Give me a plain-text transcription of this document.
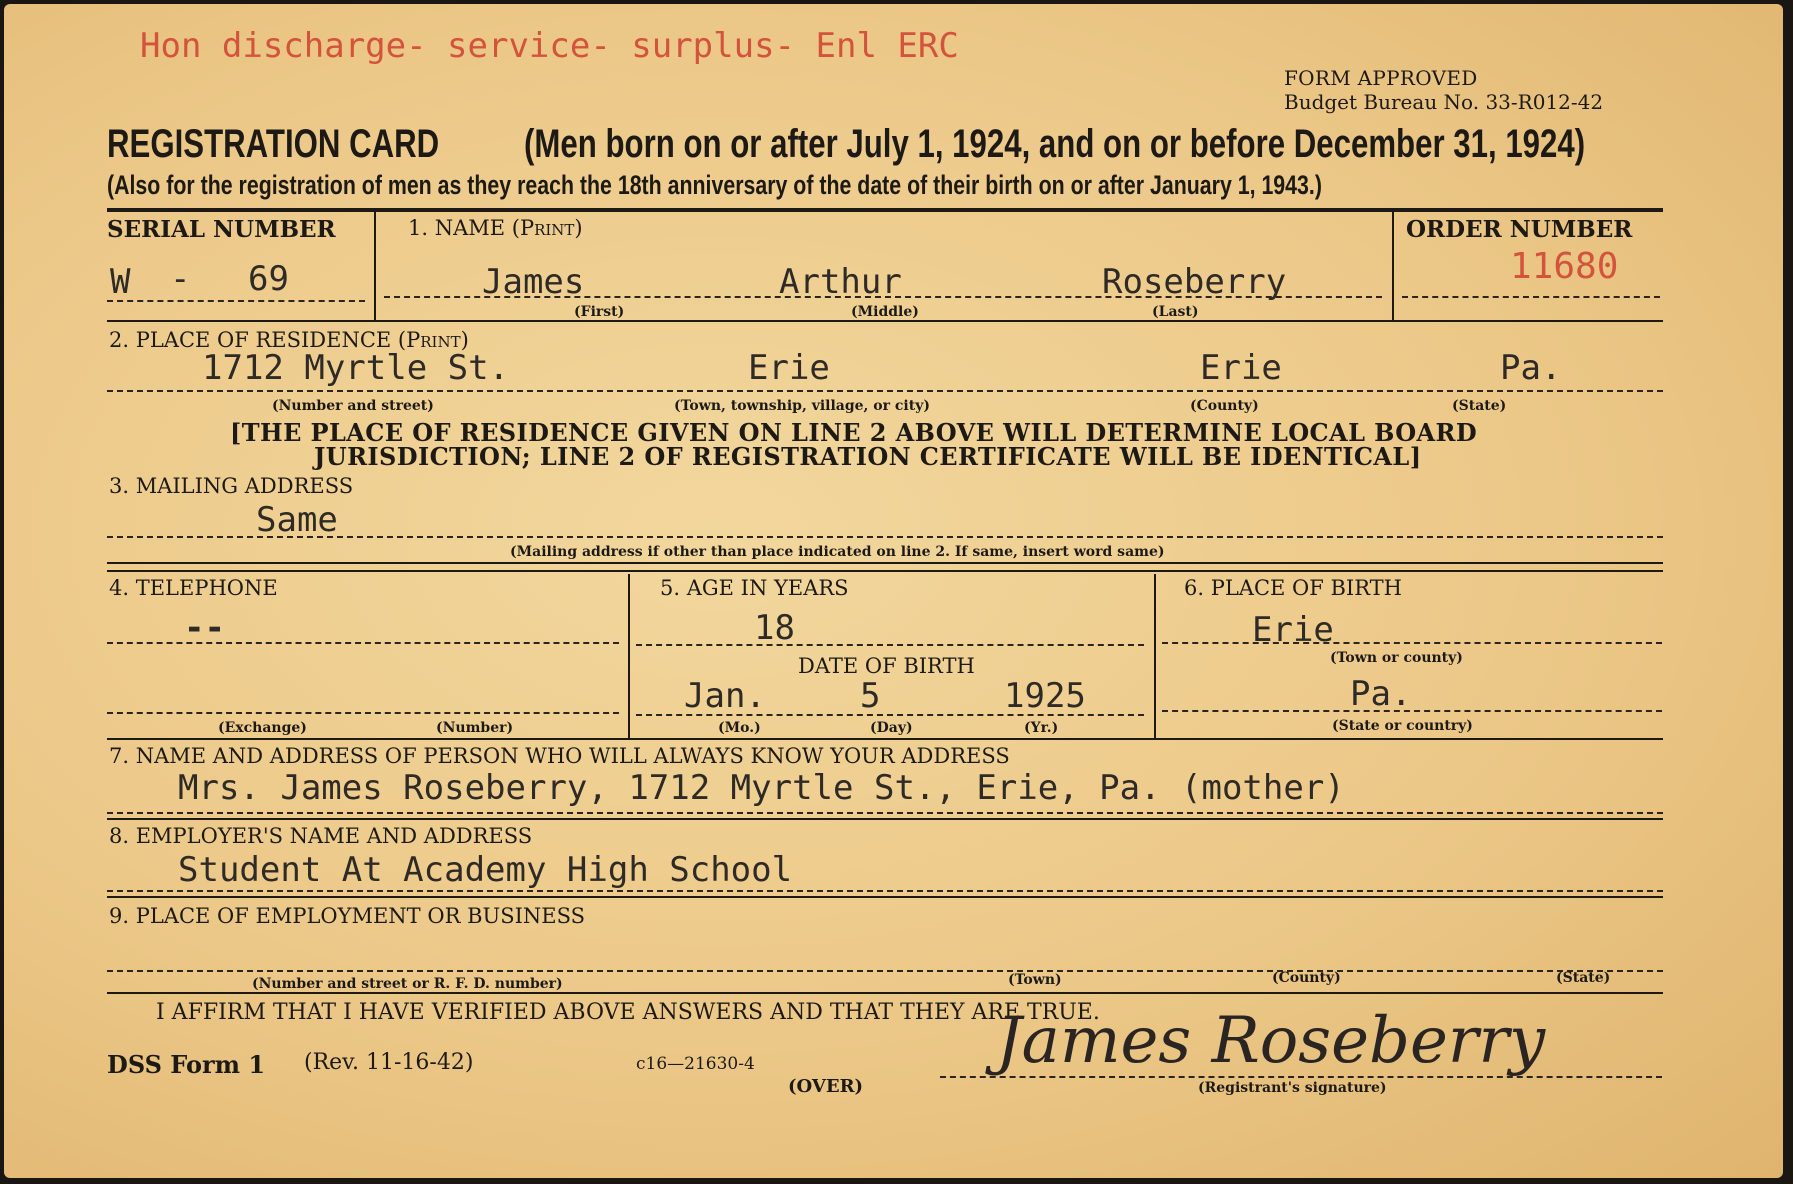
Hon discharge- service- surplus- Enl ERC
FORM APPROVED
Budget Bureau No. 33-R012-42
REGISTRATION CARD (Men born on or after July 1, 1924, and on or before December 31, 1924)
(Also for the registration of men as they reach the 18th anniversary of the date of their birth on or after January 1, 1943.)
SERIAL NUMBER
W - 69
1. NAME (Print)
James	Arthur	Roseberry
(First)	(Middle)	(Last)
ORDER NUMBER
11680
2. PLACE OF RESIDENCE (Print)
1712 Myrtle St.	Erie	Erie	Pa.
(Number and street)	(Town, township, village, or city)	(County)	(State)
[THE PLACE OF RESIDENCE GIVEN ON LINE 2 ABOVE WILL DETERMINE LOCAL BOARD
JURISDICTION; LINE 2 OF REGISTRATION CERTIFICATE WILL BE IDENTICAL]
3. MAILING ADDRESS
Same
(Mailing address if other than place indicated on line 2. If same, insert word same)
4. TELEPHONE
--
(Exchange)	(Number)
5. AGE IN YEARS
18
DATE OF BIRTH
Jan.	5	1925
(Mo.)	(Day)	(Yr.)
6. PLACE OF BIRTH
Erie
(Town or county)
Pa.
(State or country)
7. NAME AND ADDRESS OF PERSON WHO WILL ALWAYS KNOW YOUR ADDRESS
Mrs. James Roseberry, 1712 Myrtle St., Erie, Pa. (mother)
8. EMPLOYER'S NAME AND ADDRESS
Student At Academy High School
9. PLACE OF EMPLOYMENT OR BUSINESS
(Number and street or R. F. D. number)	(Town)	(County)	(State)
I AFFIRM THAT I HAVE VERIFIED ABOVE ANSWERS AND THAT THEY ARE TRUE.
DSS Form 1 (Rev. 11-16-42)	c16—21630-4
(OVER)
James Roseberry
(Registrant's signature)
